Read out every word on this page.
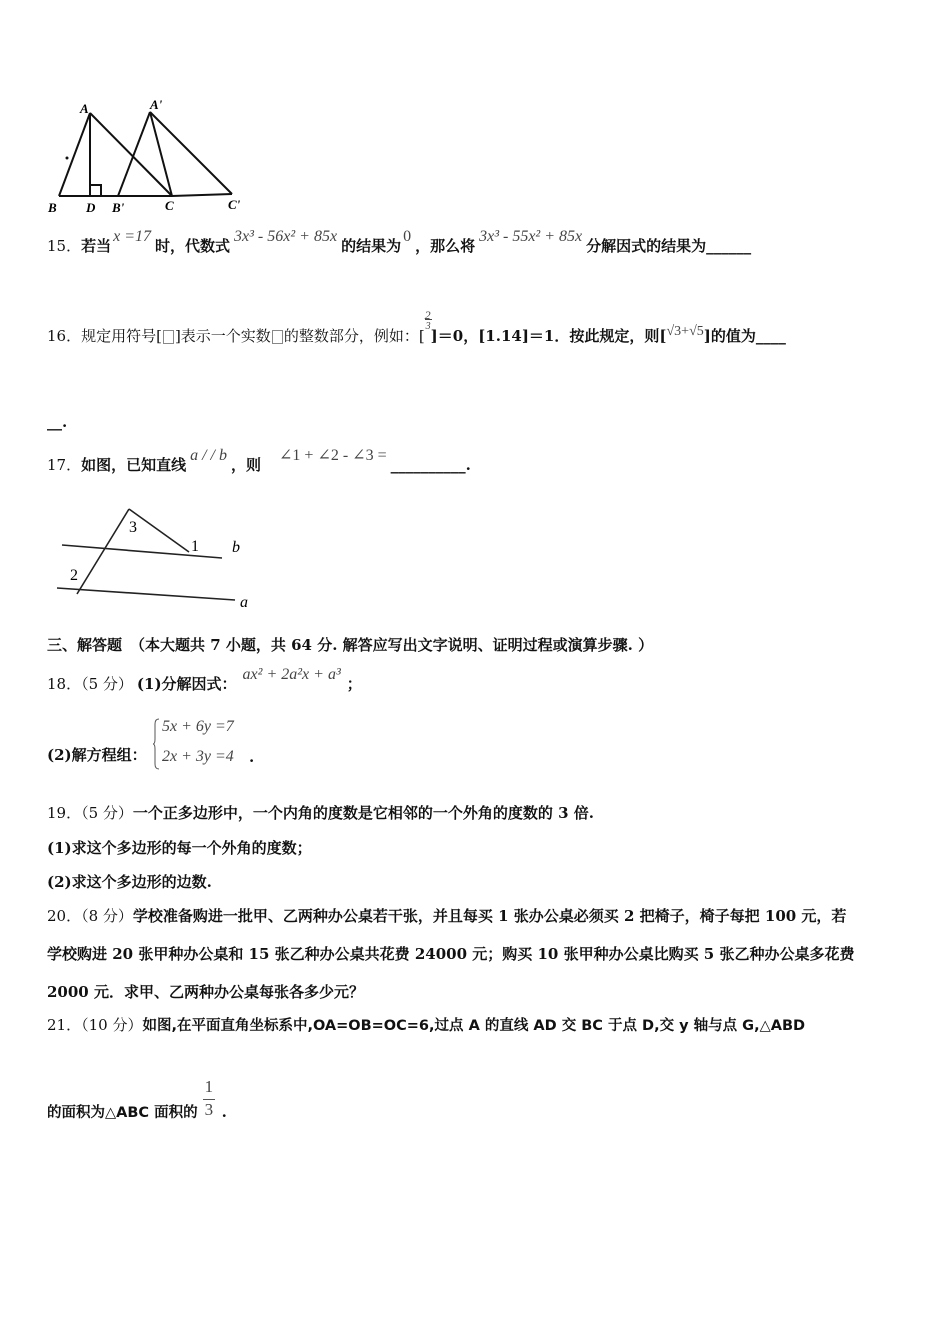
A	A'
B D B'	C	C'
15．若当x =17时，代数式3x³ - 56x² + 85x的结果为0，那么将3x³ - 55x² + 85x分解因式的结果为______
16．规定用符号[ ]表示一个实数 的整数部分，例如：[
2
3
]＝0，[1.14]＝1．按此规定，则[√3+√5]的值为____
__.
17．如图，已知直线a / / b，则∠1 + ∠2 - ∠3 =__________.
3
1 b
2
a
三、解答题 （本大题共 7 小题，共 64 分. 解答应写出文字说明、证明过程或演算步骤. ）
18．（5 分） (1)分解因式：ax² + 2a²x + a³；
(2)解方程组：
5x + 6y =7
2x + 3y =4 .
19．（5 分）一个正多边形中，一个内角的度数是它相邻的一个外角的度数的 3 倍.
(1)求这个多边形的每一个外角的度数；
(2)求这个多边形的边数.
20．（8 分）学校准备购进一批甲、乙两种办公桌若干张，并且每买 1 张办公桌必须买 2 把椅子，椅子每把 100 元，若
学校购进 20 张甲种办公桌和 15 张乙种办公桌共花费 24000 元；购买 10 张甲种办公桌比购买 5 张乙种办公桌多花费
2000 元．求甲、乙两种办公桌每张各多少元？
21．（10 分）如图,在平面直角坐标系中,OA=OB=OC=6,过点 A 的直线 AD 交 BC 于点 D,交 y 轴与点 G,△ABD
的面积为△ABC 面积的 $\frac{1}{3}$ .
